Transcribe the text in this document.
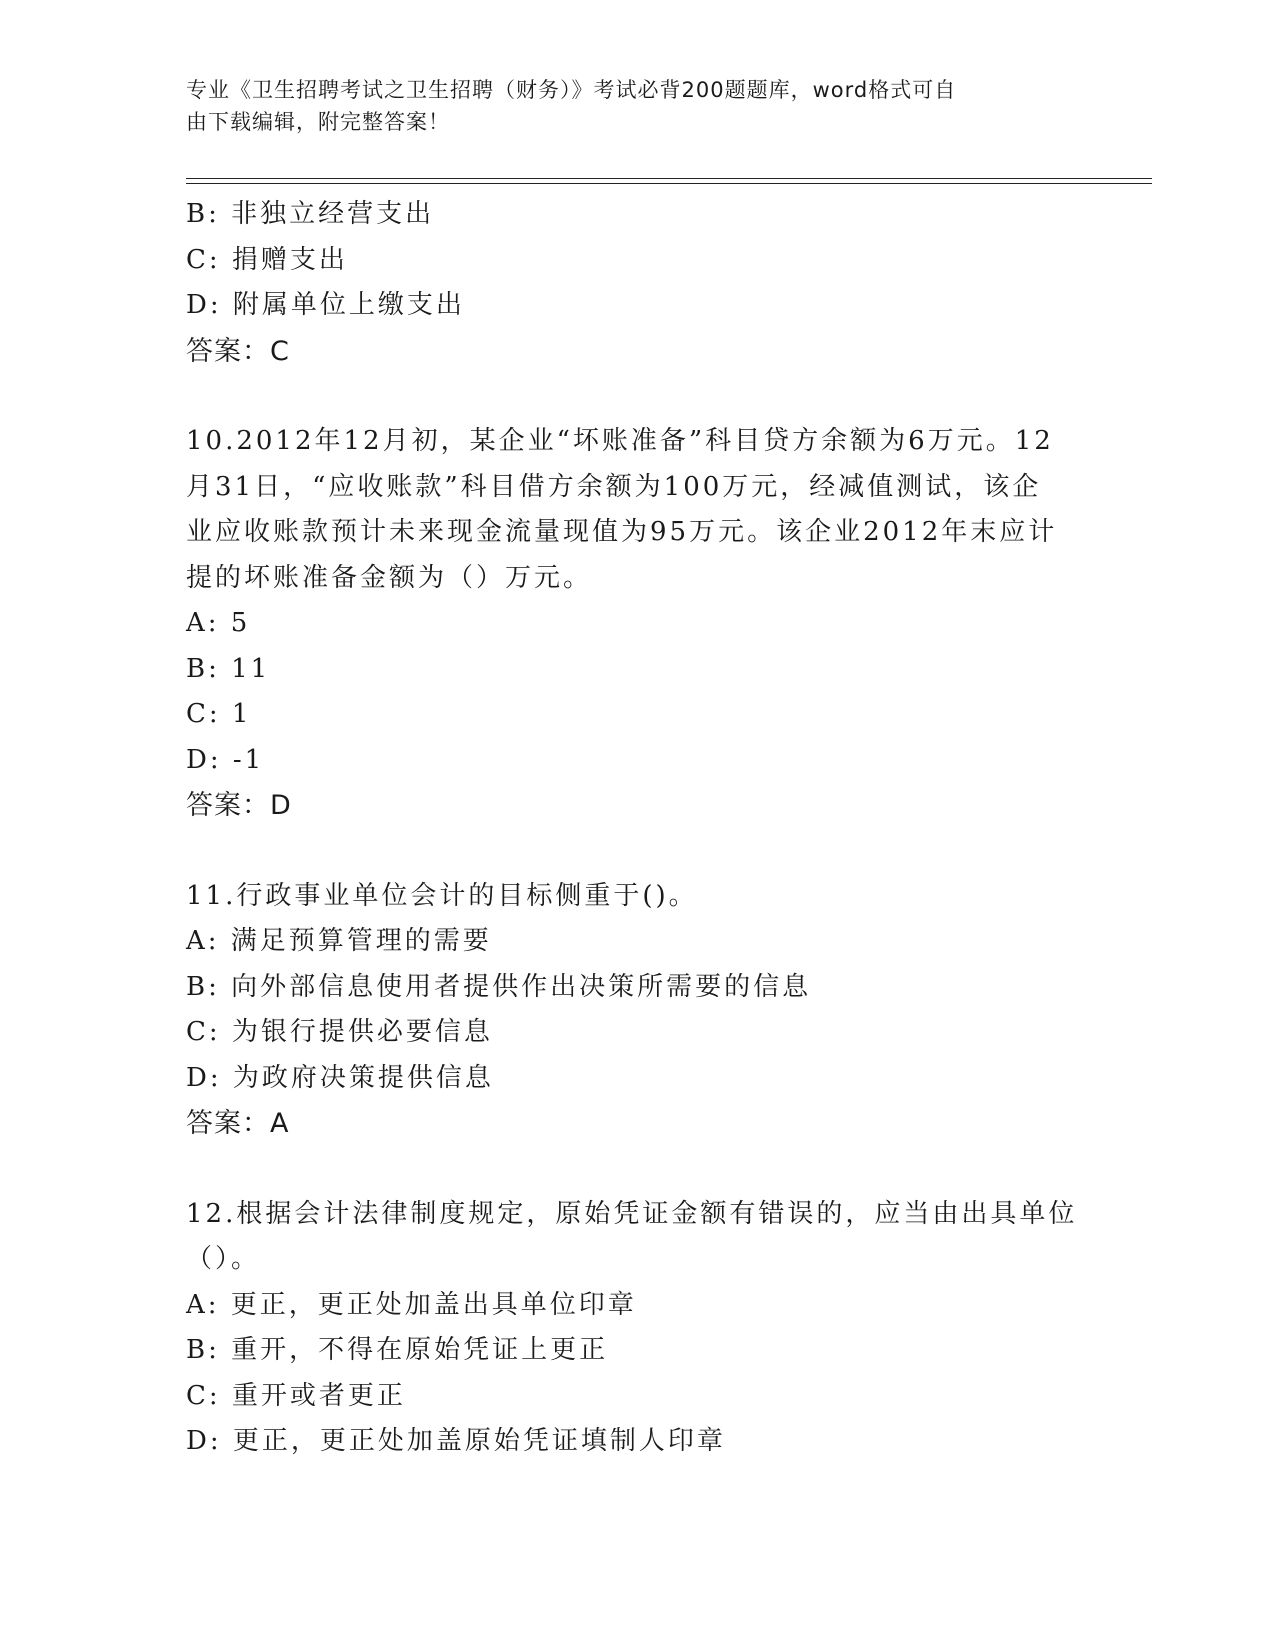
专业《卫生招聘考试之卫生招聘（财务）》考试必背200题题库，word格式可自
由下载编辑，附完整答案！
B: 非独立经营支出
C: 捐赠支出
D: 附属单位上缴支出
答案：C
10.2012年12月初，某企业“坏账准备”科目贷方余额为6万元。12
月31日，“应收账款”科目借方余额为100万元，经减值测试，该企
业应收账款预计未来现金流量现值为95万元。该企业2012年末应计
提的坏账准备金额为（）万元。
A: 5
B: 11
C: 1
D: -1
答案：D
11.行政事业单位会计的目标侧重于()。
A: 满足预算管理的需要
B: 向外部信息使用者提供作出决策所需要的信息
C: 为银行提供必要信息
D: 为政府决策提供信息
答案：A
12.根据会计法律制度规定，原始凭证金额有错误的，应当由出具单位
（）。
A: 更正，更正处加盖出具单位印章
B: 重开，不得在原始凭证上更正
C: 重开或者更正
D: 更正，更正处加盖原始凭证填制人印章
